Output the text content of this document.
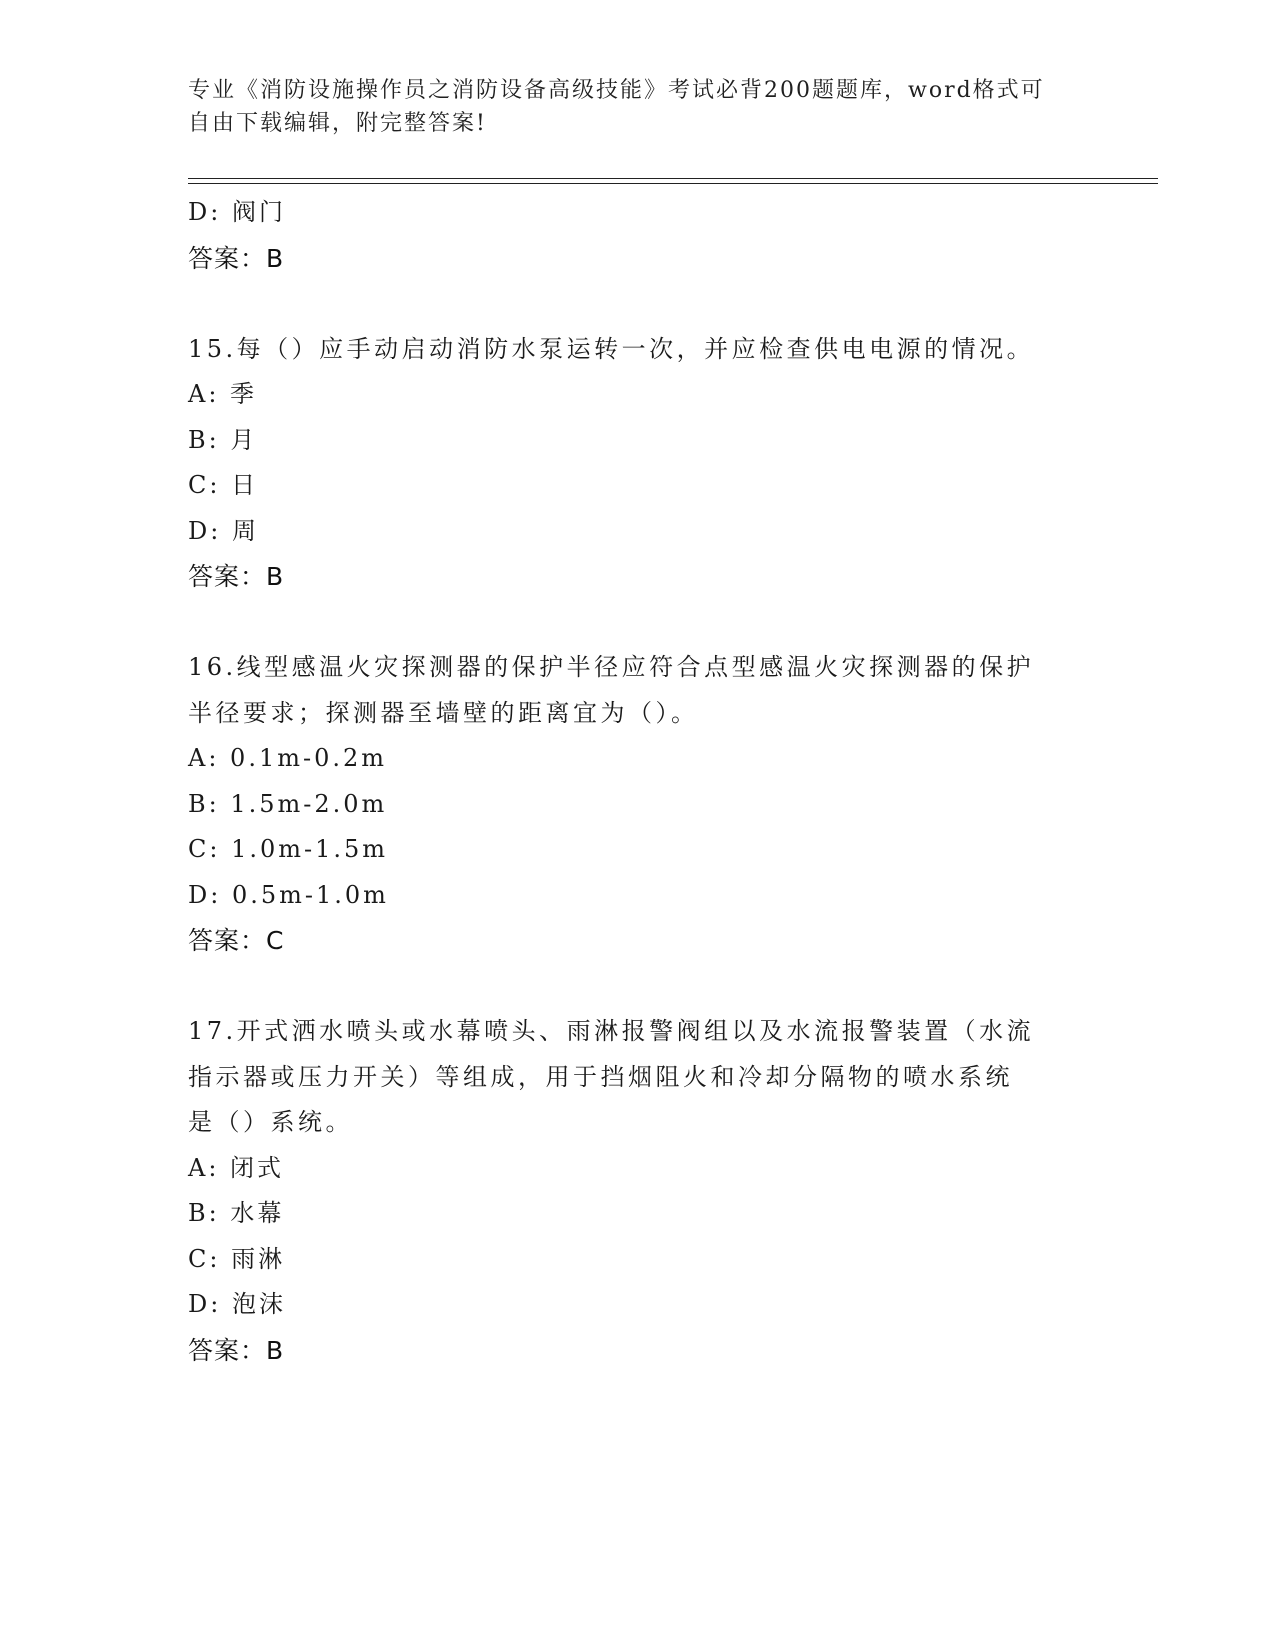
专业《消防设施操作员之消防设备高级技能》考试必背200题题库，word格式可
自由下载编辑，附完整答案!
D: 阀门
答案：B
15.每（）应手动启动消防水泵运转一次，并应检查供电电源的情况。
A: 季
B: 月
C: 日
D: 周
答案：B
16.线型感温火灾探测器的保护半径应符合点型感温火灾探测器的保护
半径要求；探测器至墙壁的距离宜为（）。
A: 0.1m-0.2m
B: 1.5m-2.0m
C: 1.0m-1.5m
D: 0.5m-1.0m
答案：C
17.开式洒水喷头或水幕喷头、雨淋报警阀组以及水流报警装置（水流
指示器或压力开关）等组成，用于挡烟阻火和冷却分隔物的喷水系统
是（）系统。
A: 闭式
B: 水幕
C: 雨淋
D: 泡沫
答案：B
